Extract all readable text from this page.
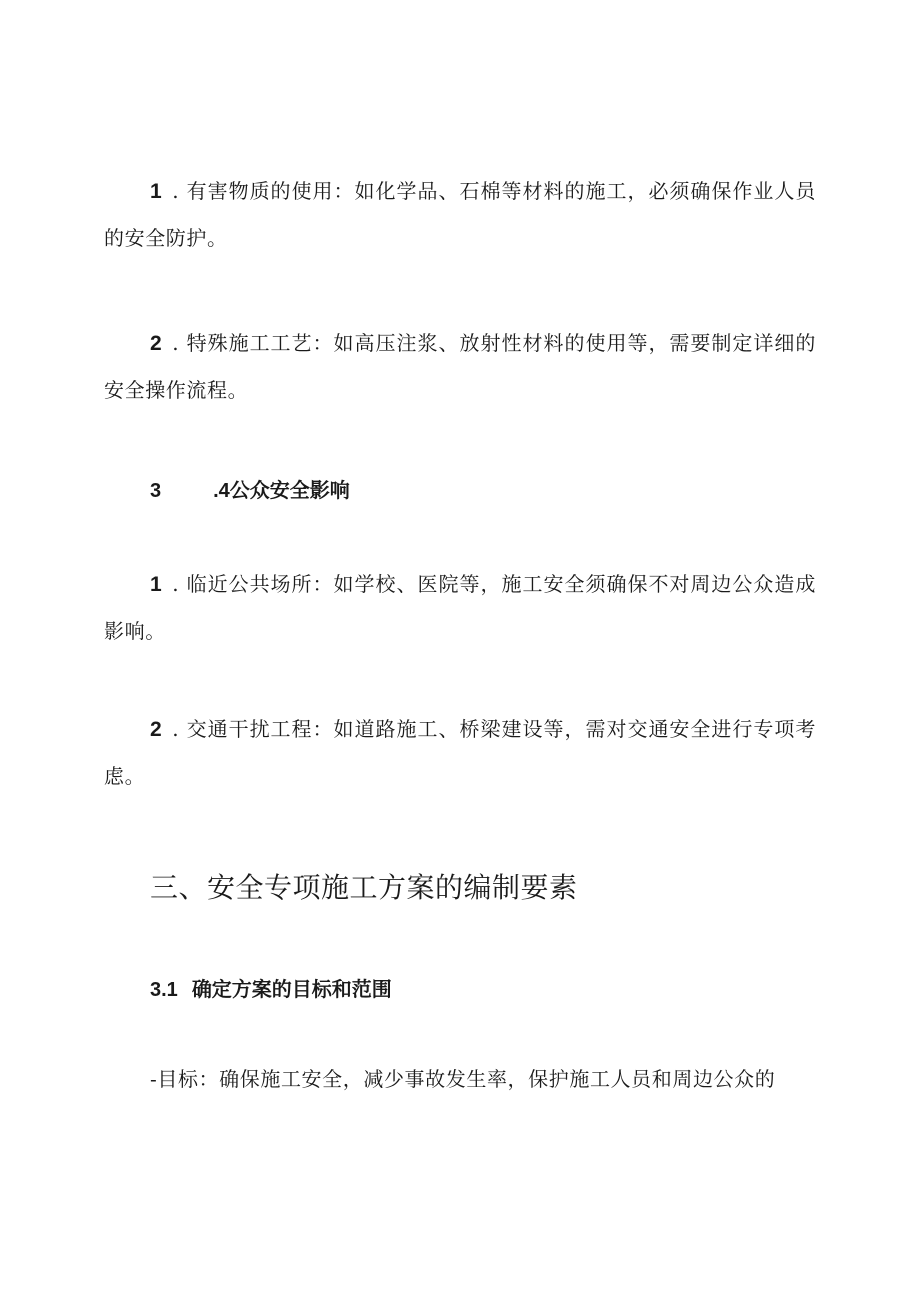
1 . 有害物质的使用：如化学品、石棉等材料的施工，必须确保作业人员的安全防护。

2 . 特殊施工工艺：如高压注浆、放射性材料的使用等，需要制定详细的安全操作流程。

3	.4公众安全影响

1 . 临近公共场所：如学校、医院等，施工安全须确保不对周边公众造成影响。

2 . 交通干扰工程：如道路施工、桥梁建设等，需对交通安全进行专项考虑。

三、安全专项施工方案的编制要素
3.1 确定方案的目标和范围
-目标：确保施工安全，减少事故发生率，保护施工人员和周边公众的
